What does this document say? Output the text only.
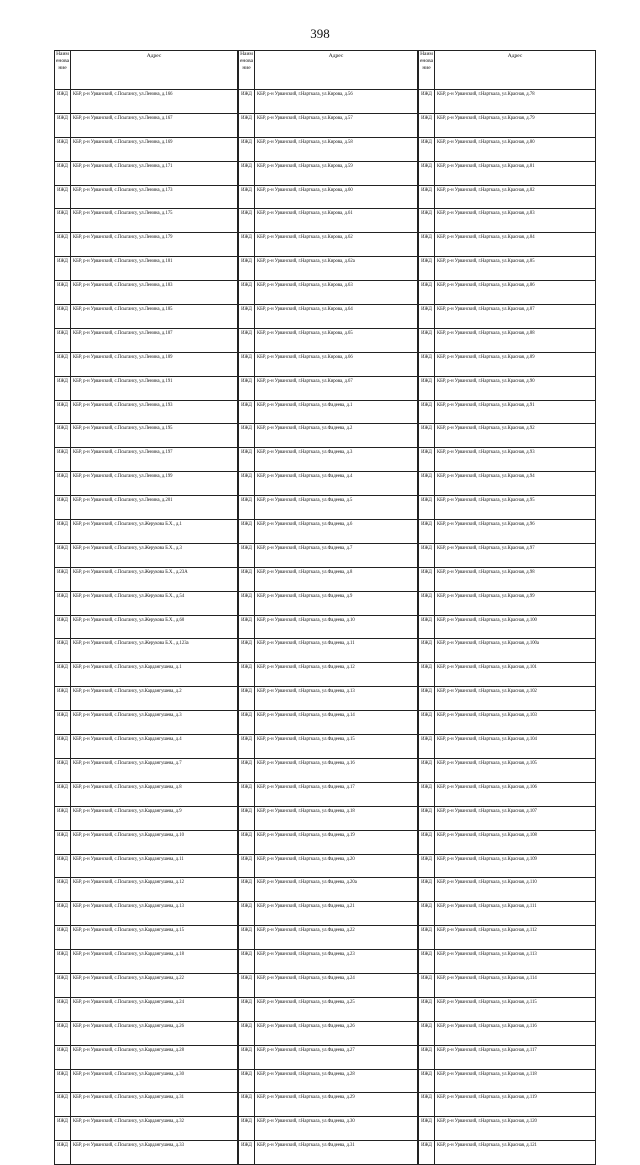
398
Наим енова ние	Адрес
ИЖД	КБР, р-н Урванский, с.Псыгансу, ул.Ленина, д.166
ИЖД	КБР, р-н Урванский, с.Псыгансу, ул.Ленина, д.167
ИЖД	КБР, р-н Урванский, с.Псыгансу, ул.Ленина, д.169
ИЖД	КБР, р-н Урванский, с.Псыгансу, ул.Ленина, д.171
ИЖД	КБР, р-н Урванский, с.Псыгансу, ул.Ленина, д.173
ИЖД	КБР, р-н Урванский, с.Псыгансу, ул.Ленина, д.175
ИЖД	КБР, р-н Урванский, с.Псыгансу, ул.Ленина, д.179
ИЖД	КБР, р-н Урванский, с.Псыгансу, ул.Ленина, д.181
ИЖД	КБР, р-н Урванский, с.Псыгансу, ул.Ленина, д.183
ИЖД	КБР, р-н Урванский, с.Псыгансу, ул.Ленина, д.185
ИЖД	КБР, р-н Урванский, с.Псыгансу, ул.Ленина, д.187
ИЖД	КБР, р-н Урванский, с.Псыгансу, ул.Ленина, д.189
ИЖД	КБР, р-н Урванский, с.Псыгансу, ул.Ленина, д.191
ИЖД	КБР, р-н Урванский, с.Псыгансу, ул.Ленина, д.193
ИЖД	КБР, р-н Урванский, с.Псыгансу, ул.Ленина, д.195
ИЖД	КБР, р-н Урванский, с.Псыгансу, ул.Ленина, д.197
ИЖД	КБР, р-н Урванский, с.Псыгансу, ул.Ленина, д.199
ИЖД	КБР, р-н Урванский, с.Псыгансу, ул.Ленина, д.201
ИЖД	КБР, р-н Урванский, с.Псыгансу, ул.Жерукова Б.Х., д.1
ИЖД	КБР, р-н Урванский, с.Псыгансу, ул.Жерукова Б.Х., д.3
ИЖД	КБР, р-н Урванский, с.Псыгансу, ул.Жерукова Б.Х., д.23А
ИЖД	КБР, р-н Урванский, с.Псыгансу, ул.Жерукова Б.Х., д.54
ИЖД	КБР, р-н Урванский, с.Псыгансу, ул.Жерукова Б.Х., д.60
ИЖД	КБР, р-н Урванский, с.Псыгансу, ул.Жерукова Б.Х., д.123а
ИЖД	КБР, р-н Урванский, с.Псыгансу, ул.Кардангушева, д.1
ИЖД	КБР, р-н Урванский, с.Псыгансу, ул.Кардангушева, д.2
ИЖД	КБР, р-н Урванский, с.Псыгансу, ул.Кардангушева, д.3
ИЖД	КБР, р-н Урванский, с.Псыгансу, ул.Кардангушева, д.4
ИЖД	КБР, р-н Урванский, с.Псыгансу, ул.Кардангушева, д.7
ИЖД	КБР, р-н Урванский, с.Псыгансу, ул.Кардангушева, д.8
ИЖД	КБР, р-н Урванский, с.Псыгансу, ул.Кардангушева, д.9
ИЖД	КБР, р-н Урванский, с.Псыгансу, ул.Кардангушева, д.10
ИЖД	КБР, р-н Урванский, с.Псыгансу, ул.Кардангушева, д.11
ИЖД	КБР, р-н Урванский, с.Псыгансу, ул.Кардангушева, д.12
ИЖД	КБР, р-н Урванский, с.Псыгансу, ул.Кардангушева, д.13
ИЖД	КБР, р-н Урванский, с.Псыгансу, ул.Кардангушева, д.15
ИЖД	КБР, р-н Урванский, с.Псыгансу, ул.Кардангушева, д.18
ИЖД	КБР, р-н Урванский, с.Псыгансу, ул.Кардангушева, д.22
ИЖД	КБР, р-н Урванский, с.Псыгансу, ул.Кардангушева, д.24
ИЖД	КБР, р-н Урванский, с.Псыгансу, ул.Кардангушева, д.26
ИЖД	КБР, р-н Урванский, с.Псыгансу, ул.Кардангушева, д.28
ИЖД	КБР, р-н Урванский, с.Псыгансу, ул.Кардангушева, д.30
ИЖД	КБР, р-н Урванский, с.Псыгансу, ул.Кардангушева, д.31
ИЖД	КБР, р-н Урванский, с.Псыгансу, ул.Кардангушева, д.32
ИЖД	КБР, р-н Урванский, с.Псыгансу, ул.Кардангушева, д.33
Наим енова ние	Адрес
ИЖД	КБР, р-н Урванский, г.Нарткала, ул.Кирова, д.56
ИЖД	КБР, р-н Урванский, г.Нарткала, ул.Кирова, д.57
ИЖД	КБР, р-н Урванский, г.Нарткала, ул.Кирова, д.58
ИЖД	КБР, р-н Урванский, г.Нарткала, ул.Кирова, д.59
ИЖД	КБР, р-н Урванский, г.Нарткала, ул.Кирова, д.60
ИЖД	КБР, р-н Урванский, г.Нарткала, ул.Кирова, д.61
ИЖД	КБР, р-н Урванский, г.Нарткала, ул.Кирова, д.62
ИЖД	КБР, р-н Урванский, г.Нарткала, ул.Кирова, д.62а
ИЖД	КБР, р-н Урванский, г.Нарткала, ул.Кирова, д.63
ИЖД	КБР, р-н Урванский, г.Нарткала, ул.Кирова, д.64
ИЖД	КБР, р-н Урванский, г.Нарткала, ул.Кирова, д.65
ИЖД	КБР, р-н Урванский, г.Нарткала, ул.Кирова, д.66
ИЖД	КБР, р-н Урванский, г.Нарткала, ул.Кирова, д.67
ИЖД	КБР, р-н Урванский, г.Нарткала, ул.Фадеева, д.1
ИЖД	КБР, р-н Урванский, г.Нарткала, ул.Фадеева, д.2
ИЖД	КБР, р-н Урванский, г.Нарткала, ул.Фадеева, д.3
ИЖД	КБР, р-н Урванский, г.Нарткала, ул.Фадеева, д.4
ИЖД	КБР, р-н Урванский, г.Нарткала, ул.Фадеева, д.5
ИЖД	КБР, р-н Урванский, г.Нарткала, ул.Фадеева, д.6
ИЖД	КБР, р-н Урванский, г.Нарткала, ул.Фадеева, д.7
ИЖД	КБР, р-н Урванский, г.Нарткала, ул.Фадеева, д.8
ИЖД	КБР, р-н Урванский, г.Нарткала, ул.Фадеева, д.9
ИЖД	КБР, р-н Урванский, г.Нарткала, ул.Фадеева, д.10
ИЖД	КБР, р-н Урванский, г.Нарткала, ул.Фадеева, д.11
ИЖД	КБР, р-н Урванский, г.Нарткала, ул.Фадеева, д.12
ИЖД	КБР, р-н Урванский, г.Нарткала, ул.Фадеева, д.13
ИЖД	КБР, р-н Урванский, г.Нарткала, ул.Фадеева, д.14
ИЖД	КБР, р-н Урванский, г.Нарткала, ул.Фадеева, д.15
ИЖД	КБР, р-н Урванский, г.Нарткала, ул.Фадеева, д.16
ИЖД	КБР, р-н Урванский, г.Нарткала, ул.Фадеева, д.17
ИЖД	КБР, р-н Урванский, г.Нарткала, ул.Фадеева, д.18
ИЖД	КБР, р-н Урванский, г.Нарткала, ул.Фадеева, д.19
ИЖД	КБР, р-н Урванский, г.Нарткала, ул.Фадеева, д.20
ИЖД	КБР, р-н Урванский, г.Нарткала, ул.Фадеева, д.20а
ИЖД	КБР, р-н Урванский, г.Нарткала, ул.Фадеева, д.21
ИЖД	КБР, р-н Урванский, г.Нарткала, ул.Фадеева, д.22
ИЖД	КБР, р-н Урванский, г.Нарткала, ул.Фадеева, д.23
ИЖД	КБР, р-н Урванский, г.Нарткала, ул.Фадеева, д.24
ИЖД	КБР, р-н Урванский, г.Нарткала, ул.Фадеева, д.25
ИЖД	КБР, р-н Урванский, г.Нарткала, ул.Фадеева, д.26
ИЖД	КБР, р-н Урванский, г.Нарткала, ул.Фадеева, д.27
ИЖД	КБР, р-н Урванский, г.Нарткала, ул.Фадеева, д.28
ИЖД	КБР, р-н Урванский, г.Нарткала, ул.Фадеева, д.29
ИЖД	КБР, р-н Урванский, г.Нарткала, ул.Фадеева, д.30
ИЖД	КБР, р-н Урванский, г.Нарткала, ул.Фадеева, д.31
Наим енова ние	Адрес
ИЖД	КБР, р-н Урванский, г.Нарткала, ул.Красная, д.78
ИЖД	КБР, р-н Урванский, г.Нарткала, ул.Красная, д.79
ИЖД	КБР, р-н Урванский, г.Нарткала, ул.Красная, д.80
ИЖД	КБР, р-н Урванский, г.Нарткала, ул.Красная, д.81
ИЖД	КБР, р-н Урванский, г.Нарткала, ул.Красная, д.82
ИЖД	КБР, р-н Урванский, г.Нарткала, ул.Красная, д.83
ИЖД	КБР, р-н Урванский, г.Нарткала, ул.Красная, д.84
ИЖД	КБР, р-н Урванский, г.Нарткала, ул.Красная, д.85
ИЖД	КБР, р-н Урванский, г.Нарткала, ул.Красная, д.86
ИЖД	КБР, р-н Урванский, г.Нарткала, ул.Красная, д.87
ИЖД	КБР, р-н Урванский, г.Нарткала, ул.Красная, д.88
ИЖД	КБР, р-н Урванский, г.Нарткала, ул.Красная, д.89
ИЖД	КБР, р-н Урванский, г.Нарткала, ул.Красная, д.90
ИЖД	КБР, р-н Урванский, г.Нарткала, ул.Красная, д.91
ИЖД	КБР, р-н Урванский, г.Нарткала, ул.Красная, д.92
ИЖД	КБР, р-н Урванский, г.Нарткала, ул.Красная, д.93
ИЖД	КБР, р-н Урванский, г.Нарткала, ул.Красная, д.94
ИЖД	КБР, р-н Урванский, г.Нарткала, ул.Красная, д.95
ИЖД	КБР, р-н Урванский, г.Нарткала, ул.Красная, д.96
ИЖД	КБР, р-н Урванский, г.Нарткала, ул.Красная, д.97
ИЖД	КБР, р-н Урванский, г.Нарткала, ул.Красная, д.98
ИЖД	КБР, р-н Урванский, г.Нарткала, ул.Красная, д.99
ИЖД	КБР, р-н Урванский, г.Нарткала, ул.Красная, д.100
ИЖД	КБР, р-н Урванский, г.Нарткала, ул.Красная, д.100а
ИЖД	КБР, р-н Урванский, г.Нарткала, ул.Красная, д.101
ИЖД	КБР, р-н Урванский, г.Нарткала, ул.Красная, д.102
ИЖД	КБР, р-н Урванский, г.Нарткала, ул.Красная, д.103
ИЖД	КБР, р-н Урванский, г.Нарткала, ул.Красная, д.104
ИЖД	КБР, р-н Урванский, г.Нарткала, ул.Красная, д.105
ИЖД	КБР, р-н Урванский, г.Нарткала, ул.Красная, д.106
ИЖД	КБР, р-н Урванский, г.Нарткала, ул.Красная, д.107
ИЖД	КБР, р-н Урванский, г.Нарткала, ул.Красная, д.108
ИЖД	КБР, р-н Урванский, г.Нарткала, ул.Красная, д.109
ИЖД	КБР, р-н Урванский, г.Нарткала, ул.Красная, д.110
ИЖД	КБР, р-н Урванский, г.Нарткала, ул.Красная, д.111
ИЖД	КБР, р-н Урванский, г.Нарткала, ул.Красная, д.112
ИЖД	КБР, р-н Урванский, г.Нарткала, ул.Красная, д.113
ИЖД	КБР, р-н Урванский, г.Нарткала, ул.Красная, д.114
ИЖД	КБР, р-н Урванский, г.Нарткала, ул.Красная, д.115
ИЖД	КБР, р-н Урванский, г.Нарткала, ул.Красная, д.116
ИЖД	КБР, р-н Урванский, г.Нарткала, ул.Красная, д.117
ИЖД	КБР, р-н Урванский, г.Нарткала, ул.Красная, д.118
ИЖД	КБР, р-н Урванский, г.Нарткала, ул.Красная, д.119
ИЖД	КБР, р-н Урванский, г.Нарткала, ул.Красная, д.120
ИЖД	КБР, р-н Урванский, г.Нарткала, ул.Красная, д.121
